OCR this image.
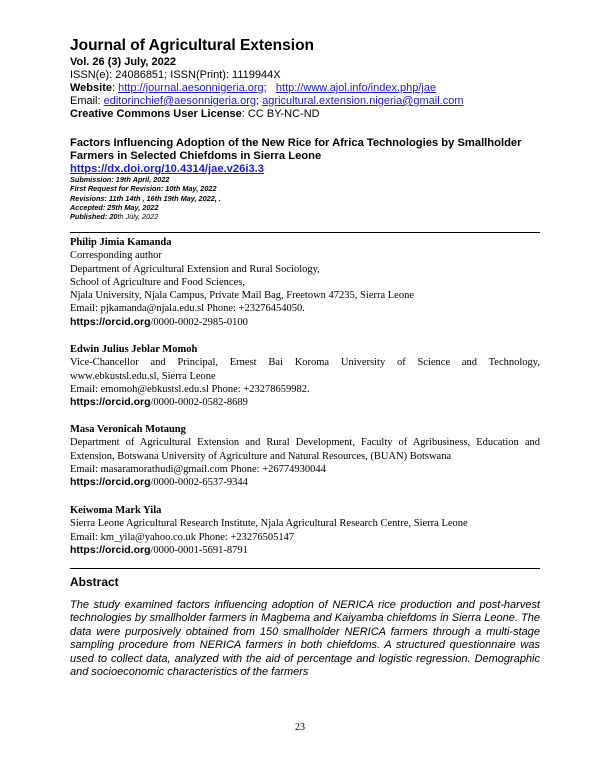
Journal of Agricultural Extension
Vol. 26 (3) July, 2022
ISSN(e): 24086851; ISSN(Print): 1119944X
Website: http://journal.aesonnigeria.org;   http://www.ajol.info/index.php/jae
Email: editorinchief@aesonnigeria.org; agricultural.extension.nigeria@gmail.com
Creative Commons User License: CC BY-NC-ND
Factors Influencing Adoption of the New Rice for Africa Technologies by Smallholder Farmers in Selected Chiefdoms in Sierra Leone
https://dx.doi.org/10.4314/jae.v26i3.3
Submission: 19th April, 2022
First Request for Revision: 10th May, 2022
Revisions: 11th 14th , 16th 19th May, 2022, .
Accepted: 25th May, 2022
Published: 20th July, 2022
Philip Jimia Kamanda
Corresponding author
Department of Agricultural Extension and Rural Sociology,
School of Agriculture and Food Sciences,
Njala University, Njala Campus, Private Mail Bag, Freetown 47235, Sierra Leone
Email: pjkamanda@njala.edu.sl Phone: +23276454050.
https://orcid.org/0000-0002-2985-0100
Edwin Julius Jeblar Momoh
Vice-Chancellor and Principal, Ernest Bai Koroma University of Science and Technology, www.ebkustsl.edu.sl, Sierra Leone
Email: emomoh@ebkustsl.edu.sl Phone: +23278659982.
https://orcid.org/0000-0002-0582-8689
Masa Veronicah Motaung
Department of Agricultural Extension and Rural Development, Faculty of Agribusiness, Education and Extension, Botswana University of Agriculture and Natural Resources, (BUAN) Botswana
Email: masaramorathudi@gmail.com Phone: +26774930044
https://orcid.org/0000-0002-6537-9344
Keiwoma Mark Yila
Sierra Leone Agricultural Research Institute, Njala Agricultural Research Centre, Sierra Leone
Email: km_yila@yahoo.co.uk Phone: +23276505147
https://orcid.org/0000-0001-5691-8791
Abstract
The study examined factors influencing adoption of NERICA rice production and post-harvest technologies by smallholder farmers in Magbema and Kaiyamba chiefdoms in Sierra Leone. The data were purposively obtained from 150 smallholder NERICA farmers through a multi-stage sampling procedure from NERICA farmers in both chiefdoms. A structured questionnaire was used to collect data, analyzed with the aid of percentage and logistic regression. Demographic and socioeconomic characteristics of the farmers
23
